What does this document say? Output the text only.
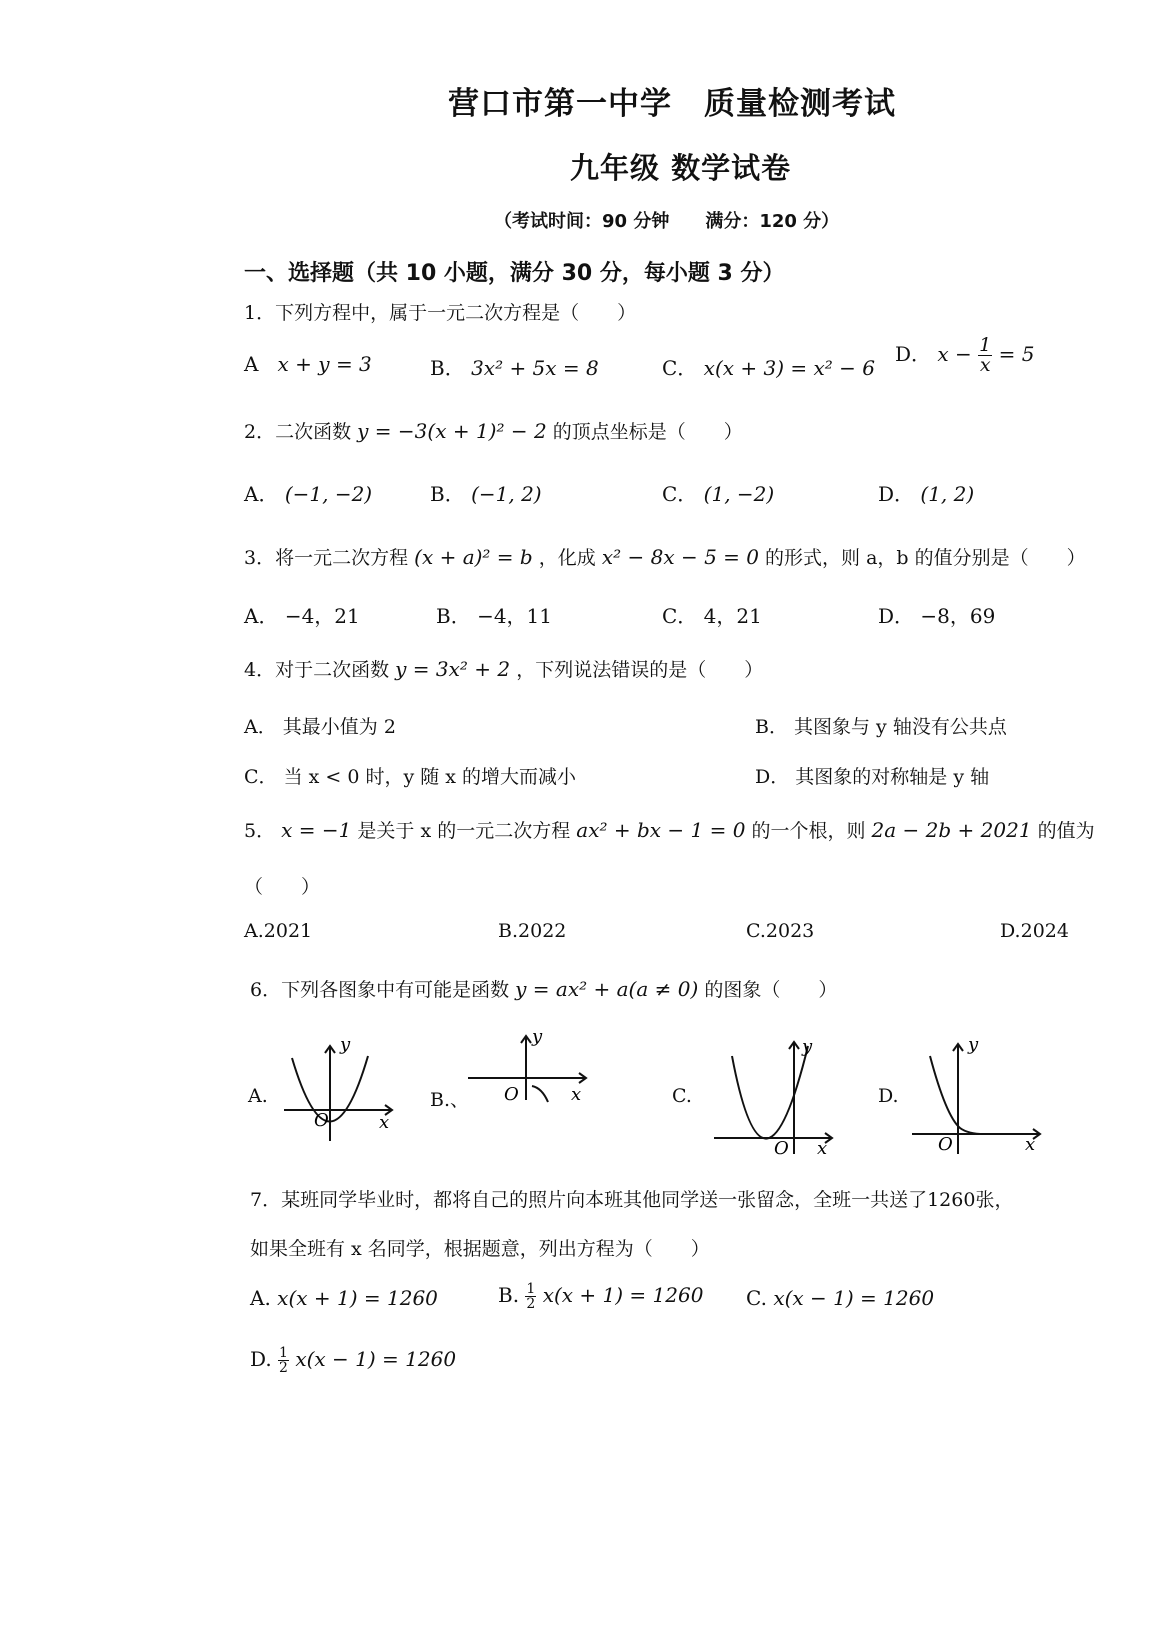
营口市第一中学　质量检测考试
九年级 数学试卷
（考试时间：90 分钟　　满分：120 分）
一、选择题（共 10 小题，满分 30 分，每小题 3 分）
1．下列方程中，属于一元二次方程是（　　）
A x + y = 3	B． 3x² + 5x = 8	C． x(x + 3) = x² − 6
D． $x - \frac{1}{x} = 5$
2．二次函数 y = −3(x + 1)² − 2 的顶点坐标是（　　）
A． (−1, −2)	B． (−1, 2)	C． (1, −2)	D． (1, 2)
3．将一元二次方程 (x + a)² = b ，化成 x² − 8x − 5 = 0 的形式，则 a，b 的值分别是（　　）
A． −4，21	B． −4，11	C． 4，21	D． −8，69
4．对于二次函数 y = 3x² + 2 ，下列说法错误的是（　　）
A． 其最小值为 2	B． 其图象与 y 轴没有公共点
C． 当 x < 0 时，y 随 x 的增大而减小	D． 其图象的对称轴是 y 轴
5． x = −1 是关于 x 的一元二次方程 ax² + bx − 1 = 0 的一个根，则 2a − 2b + 2021 的值为
（　　）
A.2021	B.2022	C.2023	D.2024
6．下列各图象中有可能是函数 y = ax² + a(a ≠ 0) 的图象（　　）
A.	B.、	C.	D.
y
x
O
y
x
O
y
x
O
y
x
O
7．某班同学毕业时，都将自己的照片向本班其他同学送一张留念，全班一共送了1260张，
如果全班有 x 名同学，根据题意，列出方程为（　　）
A. x(x + 1) = 1260	B. $\frac{1}{2} x(x + 1) = 1260$ C. x(x − 1) = 1260
D. $\frac{1}{2} x(x - 1) = 1260$
